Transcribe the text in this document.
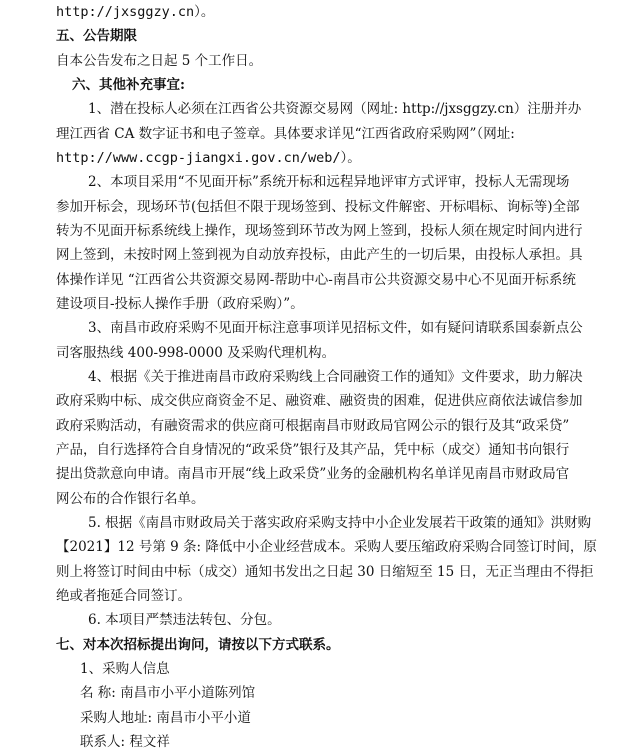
http://jxsggzy.cn）。
五、公告期限
自本公告发布之日起 5 个工作日。
六、其他补充事宜:
1、潜在投标人必须在江西省公共资源交易网（网址: http://jxsggzy.cn）注册并办
理江西省 CA 数字证书和电子签章。具体要求详见“江西省政府采购网”（网址:
http://www.ccgp-jiangxi.gov.cn/web/）。
2、本项目采用“不见面开标”系统开标和远程异地评审方式评审，投标人无需现场
参加开标会，现场环节(包括但不限于现场签到、投标文件解密、开标唱标、询标等)全部
转为不见面开标系统线上操作，现场签到环节改为网上签到，投标人须在规定时间内进行
网上签到，未按时网上签到视为自动放弃投标，由此产生的一切后果，由投标人承担。具
体操作详见 “江西省公共资源交易网-帮助中心-南昌市公共资源交易中心不见面开标系统
建设项目-投标人操作手册（政府采购）”。
3、南昌市政府采购不见面开标注意事项详见招标文件，如有疑问请联系国泰新点公
司客服热线 400-998-0000 及采购代理机构。
4、根据《关于推进南昌市政府采购线上合同融资工作的通知》文件要求，助力解决
政府采购中标、成交供应商资金不足、融资难、融资贵的困难，促进供应商依法诚信参加
政府采购活动，有融资需求的供应商可根据南昌市财政局官网公示的银行及其“政采贷”
产品，自行选择符合自身情况的“政采贷”银行及其产品，凭中标（成交）通知书向银行
提出贷款意向申请。南昌市开展“线上政采贷”业务的金融机构名单详见南昌市财政局官
网公布的合作银行名单。
5. 根据《南昌市财政局关于落实政府采购支持中小企业发展若干政策的通知》洪财购
【2021】12 号第 9 条: 降低中小企业经营成本。采购人要压缩政府采购合同签订时间，原
则上将签订时间由中标（成交）通知书发出之日起 30 日缩短至 15 日，无正当理由不得拒
绝或者拖延合同签订。
6. 本项目严禁违法转包、分包。
七、对本次招标提出询问，请按以下方式联系。
1、采购人信息
名 称: 南昌市小平小道陈列馆
采购人地址: 南昌市小平小道
联系人: 程文祥
